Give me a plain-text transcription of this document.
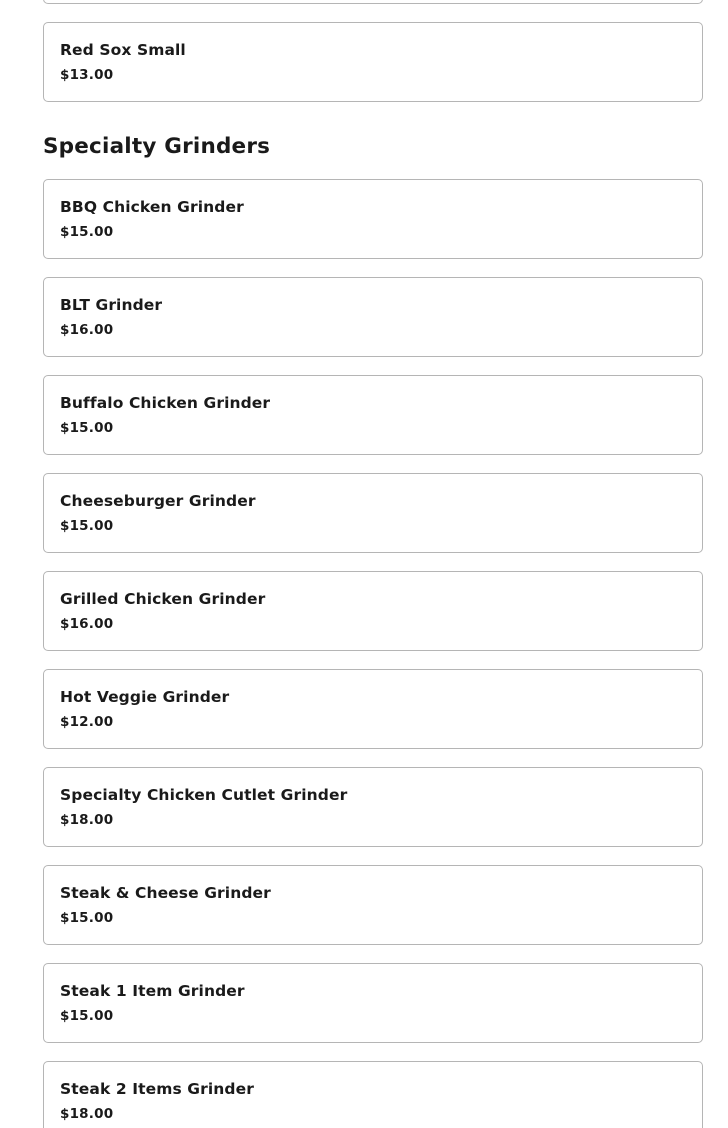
Red Sox Small
$13.00
Specialty Grinders
BBQ Chicken Grinder
$15.00
BLT Grinder
$16.00
Buffalo Chicken Grinder
$15.00
Cheeseburger Grinder
$15.00
Grilled Chicken Grinder
$16.00
Hot Veggie Grinder
$12.00
Specialty Chicken Cutlet Grinder
$18.00
Steak & Cheese Grinder
$15.00
Steak 1 Item Grinder
$15.00
Steak 2 Items Grinder
$18.00
